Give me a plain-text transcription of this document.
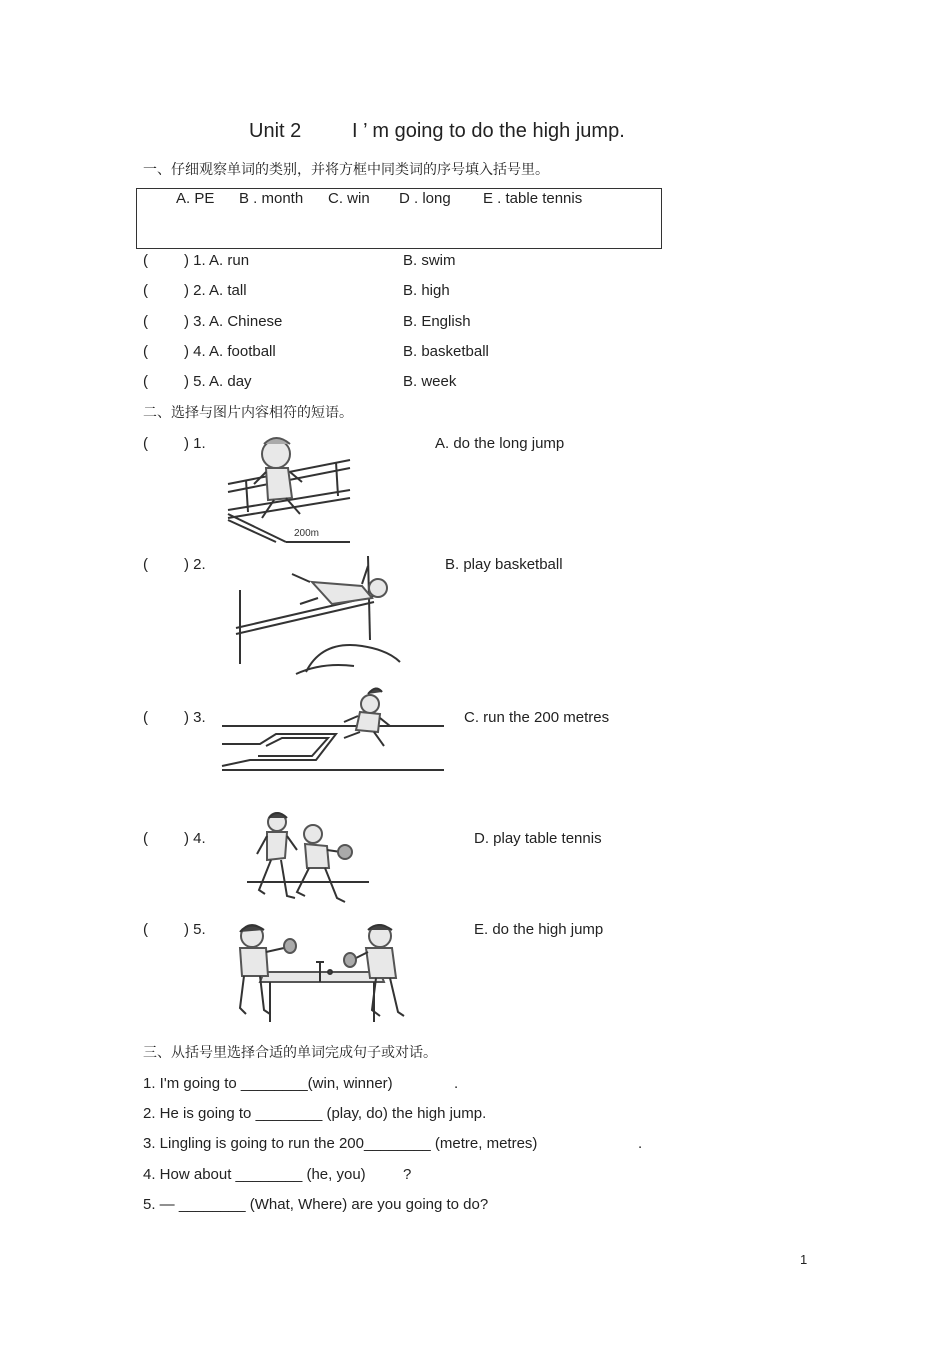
Unit 2	I ’ m going to do the high jump.
一、仔细观察单词的类别，并将方框中同类词的序号填入括号里。
A. PE B . month C. win D . long E . table tennis
( ) 1. A. run	B. swim
( ) 2. A. tall	B. high
( ) 3. A. Chinese	B. English
( ) 4. A. football	B. basketball
( ) 5. A. day	B. week
二、选择与图片内容相符的短语。
( ) 1.	A. do the long jump
( ) 2.	B. play basketball
( ) 3.	C. run the 200 metres
( ) 4.	D. play table tennis
( ) 5.	E. do the high jump
200m
三、从括号里选择合适的单词完成句子或对话。
1. I'm going to ________(win, winner)	.
2. He is going to ________ (play, do) the high jump.
3. Lingling is going to run the 200________ (metre, metres)	.
4. How about ________ (he, you) ?
5. — ________ (What, Where) are you going to do?
1
